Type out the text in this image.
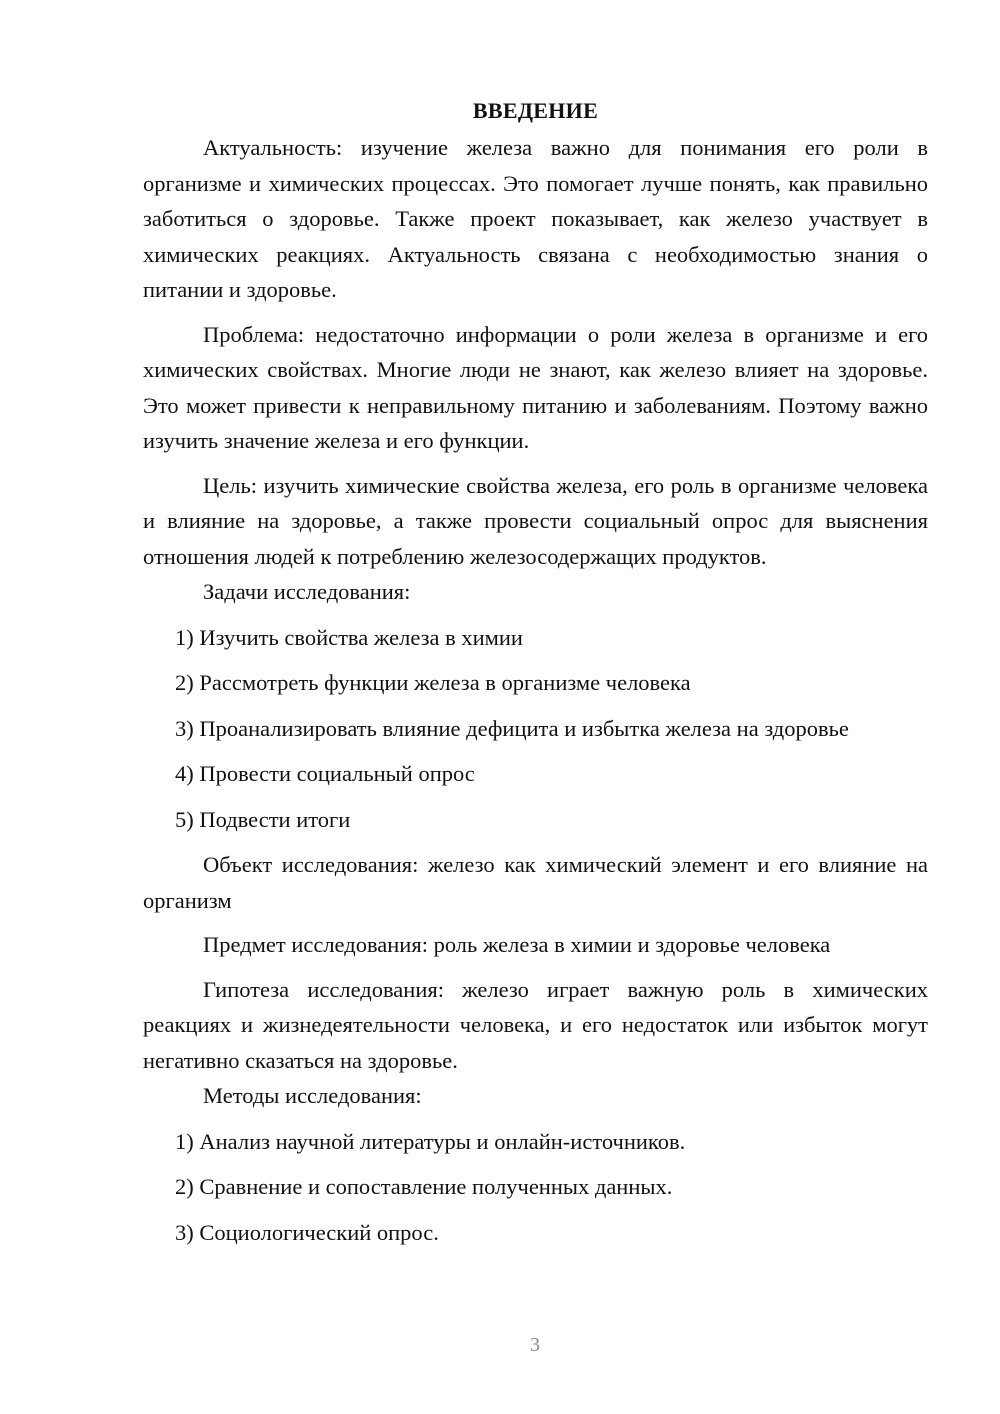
ВВЕДЕНИЕ

Актуальность: изучение железа важно для понимания его роли в организме и химических процессах. Это помогает лучше понять, как правильно заботиться о здоровье. Также проект показывает, как железо участвует в химических реакциях. Актуальность связана с необходимостью знания о питании и здоровье.

Проблема: недостаточно информации о роли железа в организме и его химических свойствах. Многие люди не знают, как железо влияет на здоровье. Это может привести к неправильному питанию и заболеваниям. Поэтому важно изучить значение железа и его функции.

Цель: изучить химические свойства железа, его роль в организме человека и влияние на здоровье, а также провести социальный опрос для выяснения отношения людей к потреблению железосодержащих продуктов.

Задачи исследования:

1) Изучить свойства железа в химии
2) Рассмотреть функции железа в организме человека
3) Проанализировать влияние дефицита и избытка железа на здоровье
4) Провести социальный опрос
5) Подвести итоги

Объект исследования: железо как химический элемент и его влияние на организм

Предмет исследования: роль железа в химии и здоровье человека

Гипотеза исследования: железо играет важную роль в химических реакциях и жизнедеятельности человека, и его недостаток или избыток могут негативно сказаться на здоровье.

Методы исследования:

1) Анализ научной литературы и онлайн-источников.
2) Сравнение и сопоставление полученных данных.
3) Социологический опрос.
3
